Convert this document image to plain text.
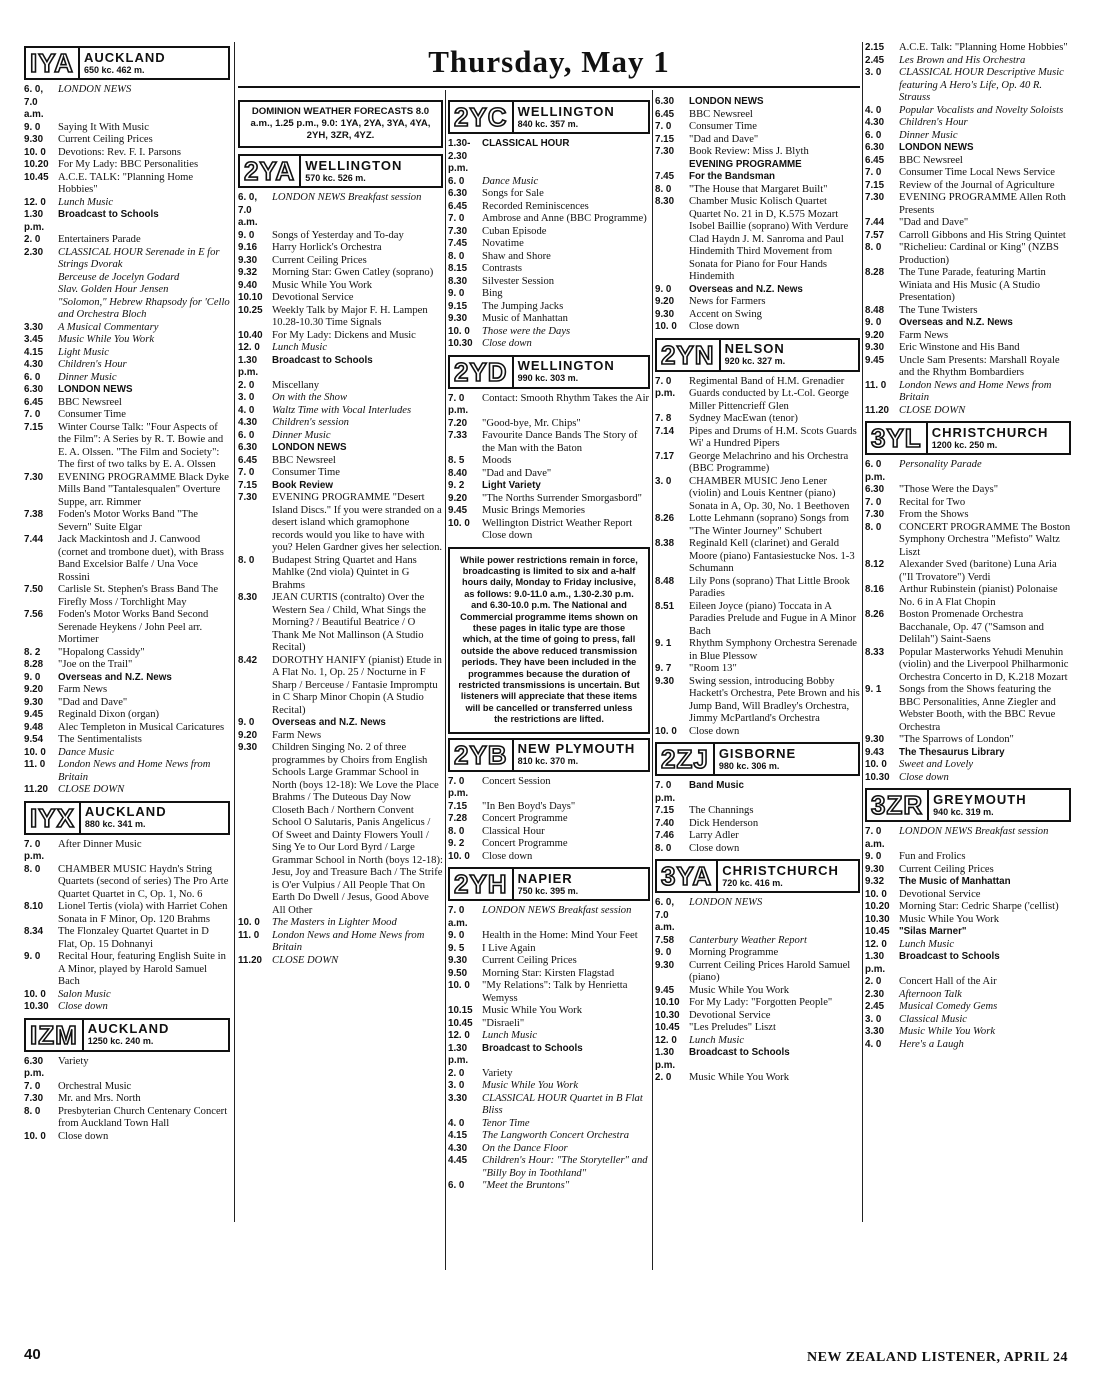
Thursday, May 1
IYA AUCKLAND
650 kc. 462 m.
6. 0, 7.0 a.m.
LONDON NEWS
9. 0	Saying It With Music
9.30	Current Ceiling Prices
10. 0	Devotions: Rev. F. I. Parsons
10.20 For My Lady: BBC Personalities
10.45 A.C.E. TALK: "Planning Home Hobbies"
12. 0	Lunch Music
1.30 p.m.
Broadcast to Schools
2. 0	Entertainers Parade
2.30	CLASSICAL HOUR Serenade in E for Strings Dvorak
Berceuse de Jocelyn Godard
Slav. Golden Hour Jensen
"Solomon," Hebrew Rhapsody for 'Cello and Orchestra Bloch
3.30	A Musical Commentary
3.45	Music While You Work
4.15	Light Music
4.30	Children's Hour
6. 0	Dinner Music
6.30	LONDON NEWS
6.45	BBC Newsreel
7. 0	Consumer Time
7.15	Winter Course Talk: "Four Aspects of the Film": A Series by R. T. Bowie and E. A. Olssen. "The Film and Society": The first of two talks by E. A. Olssen
7.30	EVENING PROGRAMME Black Dyke Mills Band "Tantalesqualen" Overture Suppe, arr. Rimmer
7.38	Foden's Motor Works Band "The Severn" Suite Elgar
7.44	Jack Mackintosh and J. Canwood (cornet and trombone duet), with Brass Band Excelsior Balfe / Una Voce Rossini
7.50	Carlisle St. Stephen's Brass Band The Firefly Moss / Torchlight May
7.56	Foden's Motor Works Band Second Serenade Heykens / John Peel arr. Mortimer
8. 2	"Hopalong Cassidy"
8.28	"Joe on the Trail"
9. 0	Overseas and N.Z. News
9.20	Farm News
9.30	"Dad and Dave"
9.45	Reginald Dixon (organ)
9.48	Alec Templeton in Musical Caricatures
9.54	The Sentimentalists
10. 0	Dance Music
11. 0	London News and Home News from Britain
11.20 CLOSE DOWN
IYX AUCKLAND
880 kc. 341 m.
7. 0 p.m.
After Dinner Music
8. 0	CHAMBER MUSIC Haydn's String Quartets (second of series) The Pro Arte Quartet Quartet in C, Op. 1, No. 6
8.10	Lionel Tertis (viola) with Harriet Cohen Sonata in F Minor, Op. 120 Brahms
8.34	The Flonzaley Quartet Quartet in D Flat, Op. 15 Dohnanyi
9. 0	Recital Hour, featuring English Suite in A Minor, played by Harold Samuel Bach
10. 0	Salon Music
10.30 Close down
IZM AUCKLAND
1250 kc. 240 m.
6.30 p.m.
Variety
7. 0	Orchestral Music
7.30	Mr. and Mrs. North
8. 0	Presbyterian Church Centenary Concert from Auckland Town Hall
10. 0	Close down
DOMINION WEATHER FORECASTS 8.0 a.m., 1.25 p.m., 9.0: 1YA, 2YA, 3YA, 4YA, 2YH, 3ZR, 4YZ.
2YA WELLINGTON
570 kc. 526 m.
6. 0, 7.0 a.m.
LONDON NEWS Breakfast session
9. 0	Songs of Yesterday and To-day
9.16	Harry Horlick's Orchestra
9.30	Current Ceiling Prices
9.32	Morning Star: Gwen Catley (soprano)
9.40	Music While You Work
10.10 Devotional Service
10.25 Weekly Talk by Major F. H. Lampen 10.28-10.30 Time Signals
10.40 For My Lady: Dickens and Music
12. 0	Lunch Music
1.30 p.m.
Broadcast to Schools
2. 0	Miscellany
3. 0	On with the Show
4. 0	Waltz Time with Vocal Interludes
4.30	Children's session
6. 0	Dinner Music
6.30	LONDON NEWS
6.45	BBC Newsreel
7. 0	Consumer Time
7.15	Book Review
7.30	EVENING PROGRAMME "Desert Island Discs." If you were stranded on a desert island which gramophone records would you like to have with you? Helen Gardner gives her selection.
8. 0	Budapest String Quartet and Hans Mahlke (2nd viola) Quintet in G Brahms
8.30	JEAN CURTIS (contralto) Over the Western Sea / Child, What Sings the Morning? / Beautiful Beatrice / O Thank Me Not Mallinson (A Studio Recital)
8.42	DOROTHY HANIFY (pianist) Etude in A Flat No. 1, Op. 25 / Nocturne in F Sharp / Berceuse / Fantasie Impromptu in C Sharp Minor Chopin (A Studio Recital)
9. 0	Overseas and N.Z. News
9.20	Farm News
9.30	Children Singing No. 2 of three programmes by Choirs from English Schools Large Grammar School in North (boys 12-18): We Love the Place Brahms / The Duteous Day Now Closeth Bach / Northern Convent School O Salutaris, Panis Angelicus / Of Sweet and Dainty Flowers Youll / Sing Ye to Our Lord Byrd / Large Grammar School in North (boys 12-18): Jesu, Joy and Treasure Bach / The Strife is O'er Vulpius / All People That On Earth Do Dwell / Jesus, Good Above All Other
10. 0	The Masters in Lighter Mood
11. 0	London News and Home News from Britain
11.20 CLOSE DOWN
2YC WELLINGTON
840 kc. 357 m.
1.30-2.30 p.m.
CLASSICAL HOUR
6. 0	Dance Music
6.30	Songs for Sale
6.45	Recorded Reminiscences
7. 0	Ambrose and Anne (BBC Programme)
7.30	Cuban Episode
7.45	Novatime
8. 0	Shaw and Shore
8.15	Contrasts
8.30	Silvester Session
9. 0	Bing
9.15	The Jumping Jacks
9.30	Music of Manhattan
10. 0	Those were the Days
10.30 Close down
2YD WELLINGTON
990 kc. 303 m.
7. 0 p.m.
Contact: Smooth Rhythm Takes the Air
7.20	"Good-bye, Mr. Chips"
7.33	Favourite Dance Bands The Story of the Man with the Baton
8. 5	Moods
8.40	"Dad and Dave"
9. 2	Light Variety
9.20	"The Norths Surrender Smorgasbord"
9.45	Music Brings Memories
10. 0	Wellington District Weather Report Close down
While power restrictions remain in force, broadcasting is limited to six and a-half hours daily, Monday to Friday inclusive, as follows: 9.0-11.0 a.m., 1.30-2.30 p.m. and 6.30-10.0 p.m. The National and Commercial programme items shown on these pages in italic type are those which, at the time of going to press, fall outside the above reduced transmission periods. They have been included in the programmes because the duration of restricted transmissions is uncertain. But listeners will appreciate that these items will be cancelled or transferred unless the restrictions are lifted.
2YB NEW PLYMOUTH
810 kc. 370 m.
7. 0 p.m.
Concert Session
7.15	"In Ben Boyd's Days"
7.28	Concert Programme
8. 0	Classical Hour
9. 2	Concert Programme
10. 0	Close down
2YH NAPIER
750 kc. 395 m.
7. 0 a.m.
LONDON NEWS Breakfast session
9. 0	Health in the Home: Mind Your Feet
9. 5	I Live Again
9.30	Current Ceiling Prices
9.50	Morning Star: Kirsten Flagstad
10. 0	"My Relations": Talk by Henrietta Wemyss
10.15 Music While You Work
10.45 "Disraeli"
12. 0	Lunch Music
1.30 p.m.
Broadcast to Schools
2. 0	Variety
3. 0	Music While You Work
3.30	CLASSICAL HOUR Quartet in B Flat Bliss
4. 0	Tenor Time
4.15	The Langworth Concert Orchestra
4.30	On the Dance Floor
4.45	Children's Hour: "The Storyteller" and "Billy Boy in Toothland"
6. 0	"Meet the Bruntons"
6.30	LONDON NEWS
6.45	BBC Newsreel
7. 0	Consumer Time
7.15	"Dad and Dave"
7.30	Book Review: Miss J. Blyth
EVENING PROGRAMME
7.45	For the Bandsman
8. 0	"The House that Margaret Built"
8.30	Chamber Music Kolisch Quartet Quartet No. 21 in D, K.575 Mozart Isobel Baillie (soprano) With Verdure Clad Haydn J. M. Sanroma and Paul Hindemith Third Movement from Sonata for Piano for Four Hands Hindemith
9. 0	Overseas and N.Z. News
9.20	News for Farmers
9.30	Accent on Swing
10. 0	Close down
2YN NELSON
920 kc. 327 m.
7. 0 p.m.
Regimental Band of H.M. Grenadier Guards conducted by Lt.-Col. George Miller Pittencrieff Glen
7. 8	Sydney MacEwan (tenor)
7.14	Pipes and Drums of H.M. Scots Guards Wi' a Hundred Pipers
7.17	George Melachrino and his Orchestra (BBC Programme)
3. 0	CHAMBER MUSIC Jeno Lener (violin) and Louis Kentner (piano) Sonata in A, Op. 30, No. 1 Beethoven
8.26	Lotte Lehmann (soprano) Songs from "The Winter Journey" Schubert
8.38	Reginald Kell (clarinet) and Gerald Moore (piano) Fantasiestucke Nos. 1-3 Schumann
8.48	Lily Pons (soprano) That Little Brook Paradies
8.51	Eileen Joyce (piano) Toccata in A Paradies Prelude and Fugue in A Minor Bach
9. 1	Rhythm Symphony Orchestra Serenade in Blue Plessow
9. 7	"Room 13"
9.30	Swing session, introducing Bobby Hackett's Orchestra, Pete Brown and his Jump Band, Will Bradley's Orchestra, Jimmy McPartland's Orchestra
10. 0	Close down
2ZJ GISBORNE
980 kc. 306 m.
7. 0 p.m.
Band Music
7.15	The Channings
7.40	Dick Henderson
7.46	Larry Adler
8. 0	Close down
3YA CHRISTCHURCH
720 kc. 416 m.
6. 0, 7.0 a.m.
LONDON NEWS
7.58	Canterbury Weather Report
9. 0	Morning Programme
9.30	Current Ceiling Prices Harold Samuel (piano)
9.45	Music While You Work
10.10 For My Lady: "Forgotten People"
10.30 Devotional Service
10.45 "Les Preludes" Liszt
12. 0	Lunch Music
1.30 p.m.
Broadcast to Schools
2. 0	Music While You Work
2.15	A.C.E. Talk: "Planning Home Hobbies"
2.45	Les Brown and His Orchestra
3. 0	CLASSICAL HOUR Descriptive Music featuring A Hero's Life, Op. 40 R. Strauss
4. 0	Popular Vocalists and Novelty Soloists
4.30	Children's Hour
6. 0	Dinner Music
6.30	LONDON NEWS
6.45	BBC Newsreel
7. 0	Consumer Time Local News Service
7.15	Review of the Journal of Agriculture
7.30	EVENING PROGRAMME Allen Roth Presents
7.44	"Dad and Dave"
7.57	Carroll Gibbons and His String Quintet
8. 0	"Richelieu: Cardinal or King" (NZBS Production)
8.28	The Tune Parade, featuring Martin Winiata and His Music (A Studio Presentation)
8.48	The Tune Twisters
9. 0	Overseas and N.Z. News
9.20	Farm News
9.30	Eric Winstone and His Band
9.45	Uncle Sam Presents: Marshall Royale and the Rhythm Bombardiers
11. 0	London News and Home News from Britain
11.20 CLOSE DOWN
3YL CHRISTCHURCH
1200 kc. 250 m.
6. 0 p.m.
Personality Parade
6.30	"Those Were the Days"
7. 0	Recital for Two
7.30	From the Shows
8. 0	CONCERT PROGRAMME The Boston Symphony Orchestra "Mefisto" Waltz Liszt
8.12	Alexander Sved (baritone) Luna Aria ("Il Trovatore") Verdi
8.16	Arthur Rubinstein (pianist) Polonaise No. 6 in A Flat Chopin
8.26	Boston Promenade Orchestra Bacchanale, Op. 47 ("Samson and Delilah") Saint-Saens
8.33	Popular Masterworks Yehudi Menuhin (violin) and the Liverpool Philharmonic Orchestra Concerto in D, K.218 Mozart
9. 1	Songs from the Shows featuring the BBC Personalities, Anne Ziegler and Webster Booth, with the BBC Revue Orchestra
9.30	"The Sparrows of London"
9.43	The Thesaurus Library
10. 0	Sweet and Lovely
10.30 Close down
3ZR GREYMOUTH
940 kc. 319 m.
7. 0 a.m.
LONDON NEWS Breakfast session
9. 0	Fun and Frolics
9.30	Current Ceiling Prices
9.32	The Music of Manhattan
10. 0	Devotional Service
10.20 Morning Star: Cedric Sharpe ('cellist)
10.30 Music While You Work
10.45 "Silas Marner"
12. 0	Lunch Music
1.30 p.m.
Broadcast to Schools
2. 0	Concert Hall of the Air
2.30	Afternoon Talk
2.45	Musical Comedy Gems
3. 0	Classical Music
3.30	Music While You Work
4. 0	Here's a Laugh
40	NEW ZEALAND LISTENER, APRIL 24
